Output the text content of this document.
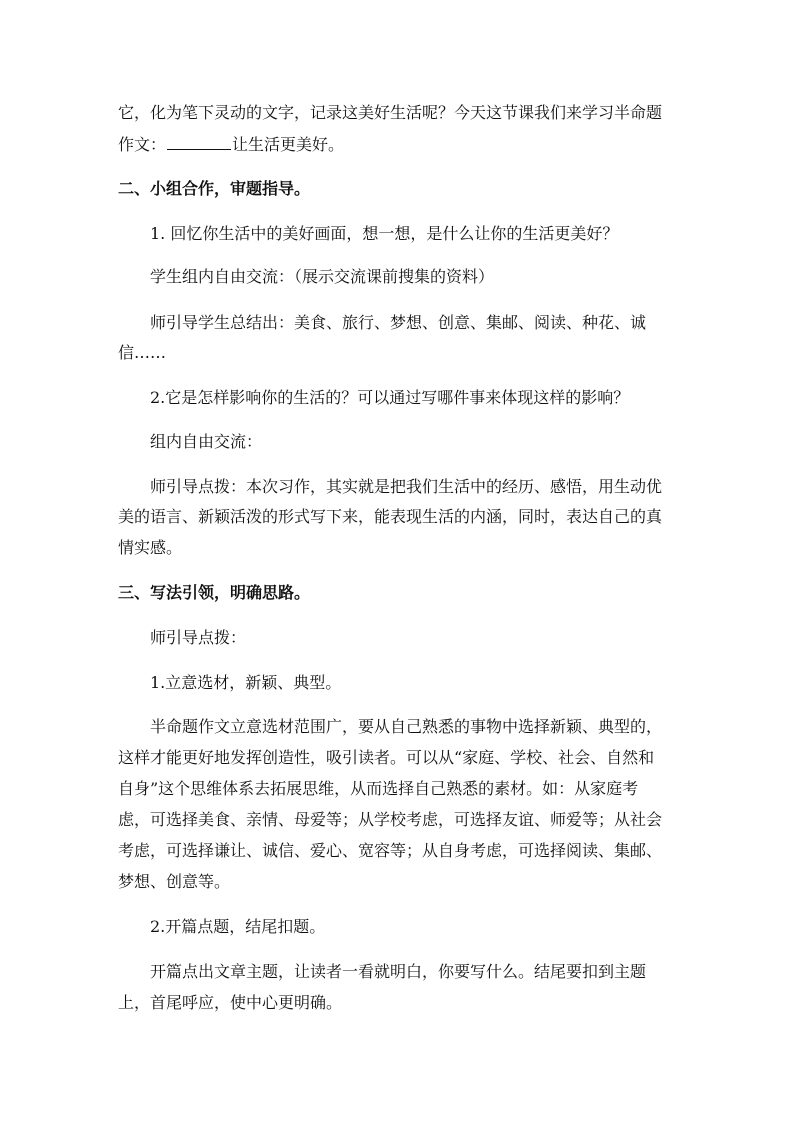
它，化为笔下灵动的文字，记录这美好生活呢？今天这节课我们来学习半命题
作文：	让生活更美好。
二、小组合作，审题指导。
1. 回忆你生活中的美好画面，想一想，是什么让你的生活更美好？
学生组内自由交流：（展示交流课前搜集的资料）
师引导学生总结出：美食、旅行、梦想、创意、集邮、阅读、种花、诚
信……
2.它是怎样影响你的生活的？可以通过写哪件事来体现这样的影响？
组内自由交流：
师引导点拨：本次习作，其实就是把我们生活中的经历、感悟，用生动优
美的语言、新颖活泼的形式写下来，能表现生活的内涵，同时，表达自己的真
情实感。
三、写法引领，明确思路。
师引导点拨：
1.立意选材，新颖、典型。
半命题作文立意选材范围广，要从自己熟悉的事物中选择新颖、典型的，
这样才能更好地发挥创造性，吸引读者。可以从“家庭、学校、社会、自然和
自身”这个思维体系去拓展思维，从而选择自己熟悉的素材。如：从家庭考
虑，可选择美食、亲情、母爱等；从学校考虑，可选择友谊、师爱等；从社会
考虑，可选择谦让、诚信、爱心、宽容等；从自身考虑，可选择阅读、集邮、
梦想、创意等。
2.开篇点题，结尾扣题。
开篇点出文章主题，让读者一看就明白，你要写什么。结尾要扣到主题
上，首尾呼应，使中心更明确。
